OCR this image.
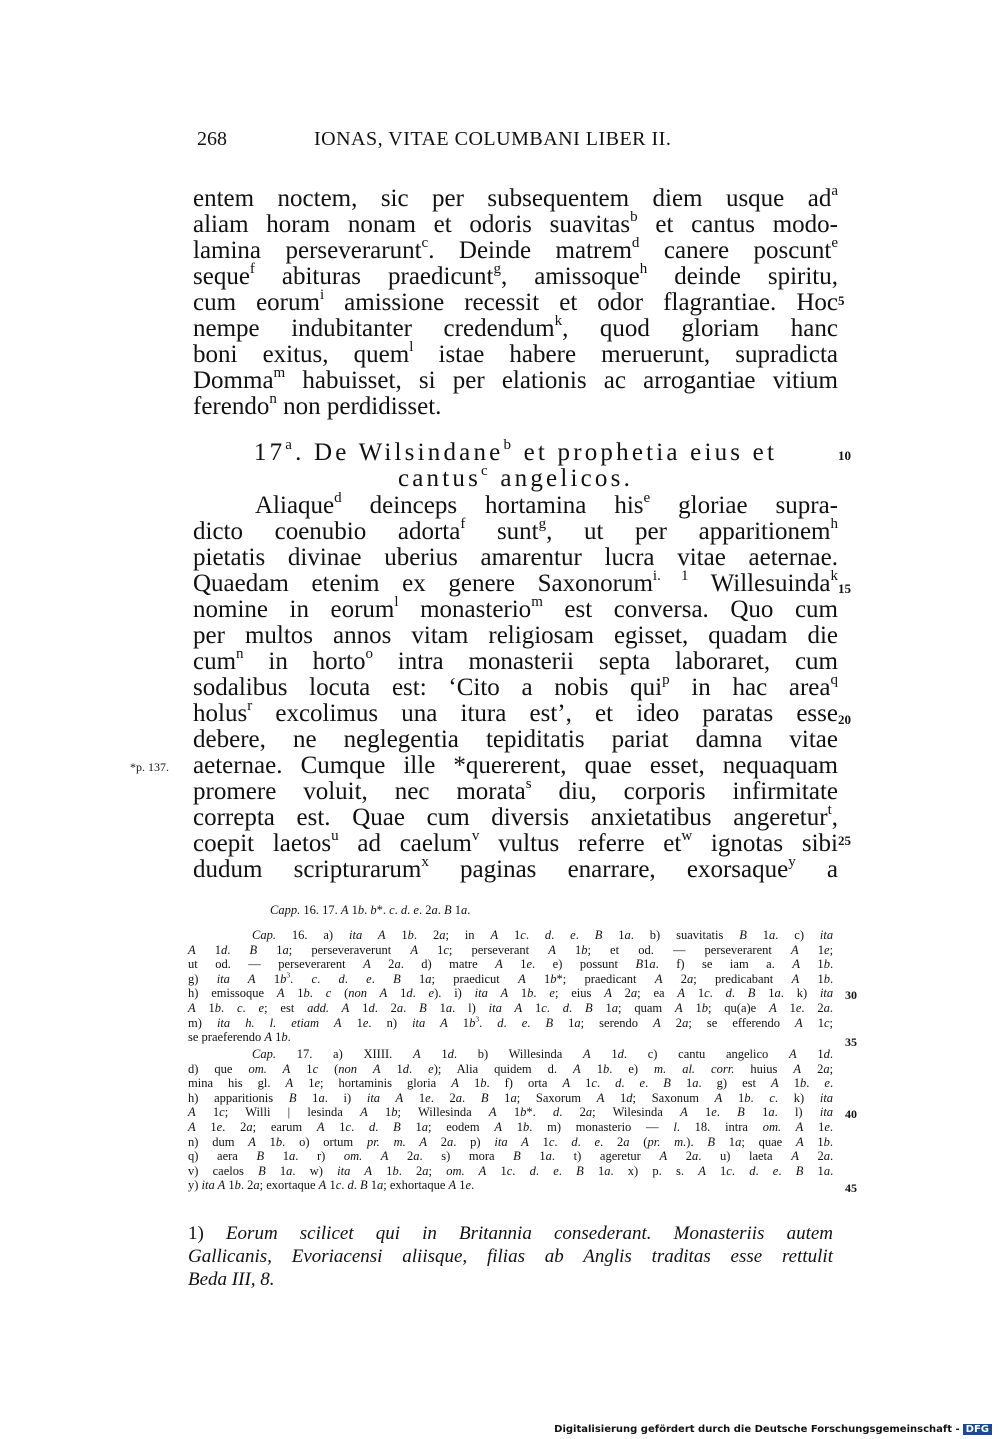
268	IONAS, VITAE COLUMBANI LIBER II.
entem noctem, sic per subsequentem diem usque $ad^a$
aliam horam nonam et odoris suavitas$^b$ et cantus modo-
lamina perseverarunt$^c$. Deinde matrem$^d$ canere poscunt$^e$
seque$^f$ abituras praedicunt$^g$, amissoque$^h$ deinde spiritu,
cum eorum$^i$ amissione recessit et odor flagrantiae. Hoc
nempe indubitanter credendum$^k$, quod gloriam hanc
boni exitus, quem$^l$ istae habere meruerunt, supradicta
Domma$^m$ habuisset, si per elationis ac arrogantiae vitium
ferendo$^n$ non perdidisset.
17$^a$. De Wilsindane$^b$ et prophetia eius et
cantus$^c$ angelicos.
Aliaque$^d$ deinceps hortamina his$^e$ gloriae supra-
dicto coenubio adorta$^f$ sunt$^g$, ut per apparitionem$^h$
pietatis divinae uberius amarentur lucra vitae aeternae.
Quaedam etenim ex genere Saxonorum$^{i. 1}$ Willesuinda$^k$
nomine in eorum$^l$ monasterio$^m$ est conversa. Quo cum
per multos annos vitam religiosam egisset, quadam die
cum$^n$ in horto$^o$ intra monasterii septa laboraret, cum
sodalibus locuta est: ‘Cito a nobis qui$^p$ in hac area$^q$
holus$^r$ excolimus una itura est’, et ideo paratas esse
debere, ne neglegentia tepiditatis pariat damna vitae
aeternae. Cumque ille *quererent, quae esset, nequaquam
promere voluit, nec morata$^s$ diu, corporis infirmitate
correpta est. Quae cum diversis anxietatibus angeretur$^t$,
coepit laetos$^u$ ad caelum$^v$ vultus referre $et^w$ ignotas sibi
dudum scripturarum$^x$ paginas enarrare, exorsaque$^y$ a
5
10
15
20
25
*p. 137.
Capp. 16. 17. A 1b. b*. c. d. e. 2a. B 1a.
Cap. 16. a) ita A 1b. 2a; in A 1c. d. e. B 1a. b) suavitatis B 1a. c) ita
A 1d. B 1a; perseveraverunt A 1c; perseverant A 1b; et od. — perseverarent A 1e;
ut od. — perseverarent A 2a. d) matre A 1e. e) possunt B1a. f) se iam a. A 1b.
g) ita A $1b^3$. c. d. e. B 1a; praedicut A 1b*; praedicant A 2a; predicabant A 1b.
h) emissoque A 1b. c (non A 1d. e). i) ita A 1b. e; eius A 2a; ea A 1c. d. B 1a. k) ita
A 1b. c. e; est add. A 1d. 2a. B 1a. l) ita A 1c. d. B 1a; quam A 1b; qu(a)e A 1e. 2a.
m) ita h. l. etiam A 1e. n) ita A $1b^3$. d. e. B 1a; serendo A 2a; se efferendo A 1c;
se praeferendo A 1b.
Cap. 17. a) XIIII. A 1d. b) Willesinda A 1d. c) cantu angelico A 1d.
d) que om. A 1c (non A 1d. e); Alia quidem d. A 1b. e) m. al. corr. huius A 2a;
mina his gl. A 1e; hortaminis gloria A 1b. f) orta A 1c. d. e. B 1a. g) est A 1b. e.
h) apparitionis B 1a. i) ita A 1e. 2a. B 1a; Saxorum A 1d; Saxonum A 1b. c. k) ita
A 1c; Willi | lesinda A 1b; Willesinda A 1b*. d. 2a; Wilesinda A 1e. B 1a. l) ita
A 1e. 2a; earum A 1c. d. B 1a; eodem A 1b. m) monasterio — l. 18. intra om. A 1e.
n) dum A 1b. o) ortum pr. m. A 2a. p) ita A 1c. d. e. 2a (pr. m.). B 1a; quae A 1b.
q) aera B 1a. r) om. A 2a. s) mora B 1a. t) ageretur A 2a. u) laeta A 2a.
v) caelos B 1a. w) ita A 1b. 2a; om. A 1c. d. e. B 1a. x) p. s. A 1c. d. e. B 1a.
y) ita A 1b. 2a; exortaque A 1c. d. B 1a; exhortaque A 1e.
30
35
40
45
1) Eorum scilicet qui in Britannia consederant. Monasteriis autem
Gallicanis, Evoriacensi aliisque, filias ab Anglis traditas esse rettulit
Beda III, 8.
Digitalisierung gefördert durch die Deutsche Forschungsgemeinschaft - DFG
